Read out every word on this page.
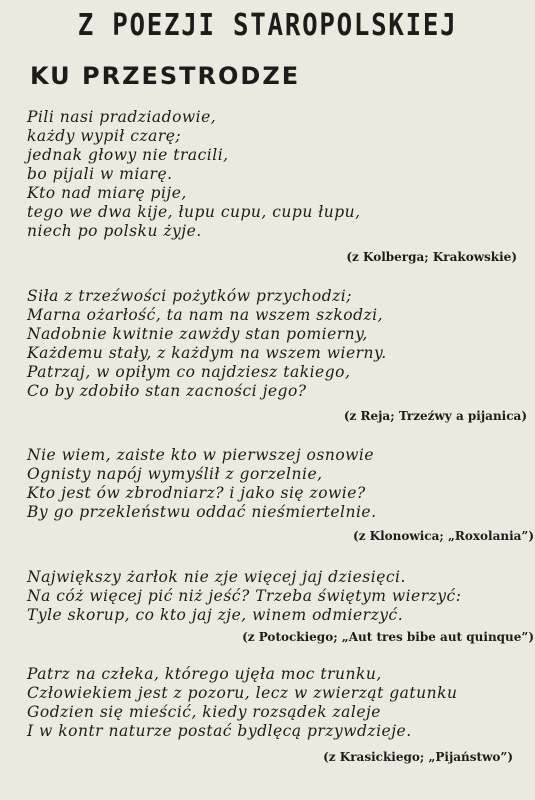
Z POEZJI STAROPOLSKIEJ
KU PRZESTRODZE
Pili nasi pradziadowie,
każdy wypił czarę;
jednak głowy nie tracili,
bo pijali w miarę.
Kto nad miarę pije,
tego we dwa kije, łupu cupu, cupu łupu,
niech po polsku żyje.
(z Kolberga; Krakowskie)
Siła z trzeźwości pożytków przychodzi;
Marna ożarłość, ta nam na wszem szkodzi,
Nadobnie kwitnie zawżdy stan pomierny,
Każdemu stały, z każdym na wszem wierny.
Patrzaj, w opiłym co najdziesz takiego,
Co by zdobiło stan zacności jego?
(z Reja; Trzeźwy a pijanica)
Nie wiem, zaiste kto w pierwszej osnowie
Ognisty napój wymyślił z gorzelnie,
Kto jest ów zbrodniarz? i jako się zowie?
By go przekleństwu oddać nieśmiertelnie.
(z Klonowica; „Roxolania”)
Największy żarłok nie zje więcej jaj dziesięci.
Na cóż więcej pić niż jeść? Trzeba świętym wierzyć:
Tyle skorup, co kto jaj zje, winem odmierzyć.
(z Potockiego; „Aut tres bibe aut quinque”)
Patrz na człeka, którego ujęła moc trunku,
Człowiekiem jest z pozoru, lecz w zwierząt gatunku
Godzien się mieścić, kiedy rozsądek zaleje
I w kontr naturze postać bydlęcą przywdzieje.
(z Krasickiego; „Pijaństwo”)
